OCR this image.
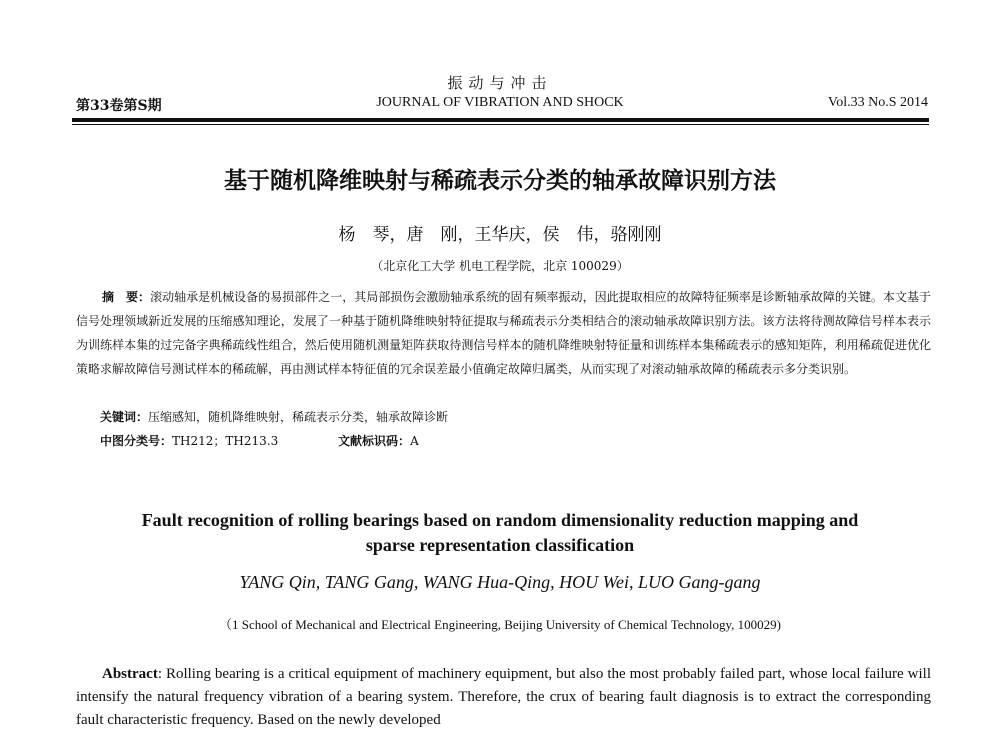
振动与冲击
第33卷第S期	JOURNAL OF VIBRATION AND SHOCK	Vol.33 No.S 2014
基于随机降维映射与稀疏表示分类的轴承故障识别方法
杨　琴，唐　刚，王华庆，侯　伟，骆刚刚
（北京化工大学 机电工程学院，北京 100029）
摘　要：滚动轴承是机械设备的易损部件之一，其局部损伤会激励轴承系统的固有频率振动，因此提取相应的故障特征频率是诊断轴承故障的关键。本文基于信号处理领域新近发展的压缩感知理论，发展了一种基于随机降维映射特征提取与稀疏表示分类相结合的滚动轴承故障识别方法。该方法将待测故障信号样本表示为训练样本集的过完备字典稀疏线性组合，然后使用随机测量矩阵获取待测信号样本的随机降维映射特征量和训练样本集稀疏表示的感知矩阵，利用稀疏促进优化策略求解故障信号测试样本的稀疏解，再由测试样本特征值的冗余误差最小值确定故障归属类，从而实现了对滚动轴承故障的稀疏表示多分类识别。
关键词：压缩感知，随机降维映射，稀疏表示分类，轴承故障诊断
中图分类号：TH212；TH213.3	文献标识码：A
Fault recognition of rolling bearings based on random dimensionality reduction mapping and
sparse representation classification
YANG Qin, TANG Gang, WANG Hua-Qing, HOU Wei, LUO Gang-gang
（1 School of Mechanical and Electrical Engineering, Beijing University of Chemical Technology, 100029)
Abstract: Rolling bearing is a critical equipment of machinery equipment, but also the most probably failed part, whose local failure will intensify the natural frequency vibration of a bearing system. Therefore, the crux of bearing fault diagnosis is to extract the corresponding fault characteristic frequency. Based on the newly developed
